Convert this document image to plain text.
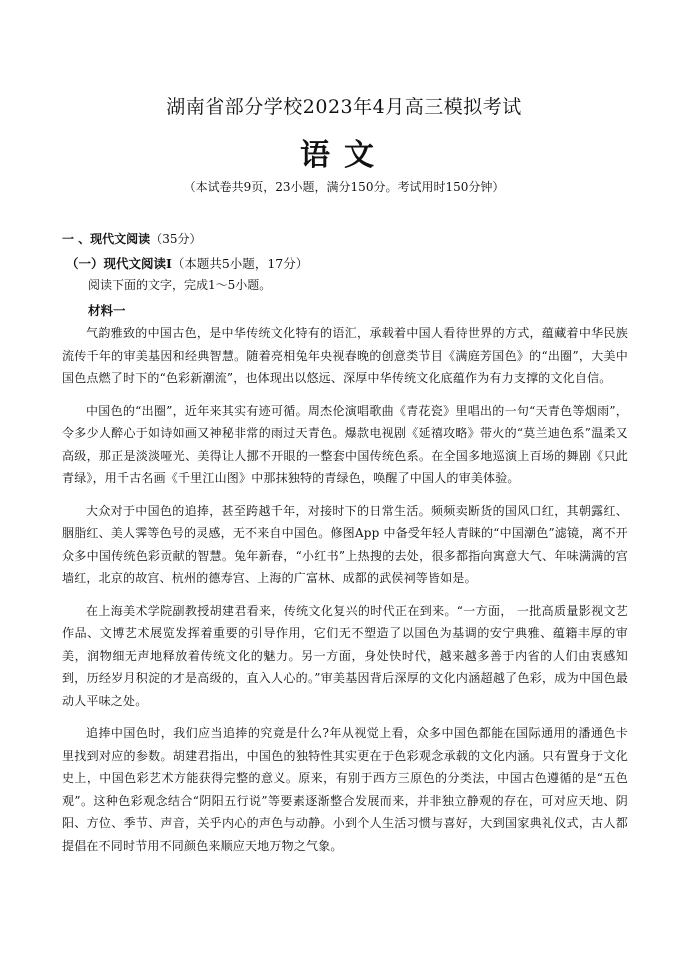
湖南省部分学校2023年4月高三模拟考试
语文
（本试卷共9页，23小题，满分150分。考试用时150分钟）
一 、现代文阅读（35分）
（一）现代文阅读Ⅰ（本题共5小题，17分）
阅读下面的文字，完成1～5小题。
材料一

气韵雅致的中国古色，是中华传统文化特有的语汇，承载着中国人看待世界的方式，蕴藏着中华民族流传千年的审美基因和经典智慧。随着亮相兔年央视春晚的创意类节目《满庭芳国色》的“出圈”，大美中国色点燃了时下的“色彩新潮流”，也体现出以悠远、深厚中华传统文化底蕴作为有力支撑的文化自信。

中国色的“出圈”，近年来其实有迹可循。周杰伦演唱歌曲《青花瓷》里唱出的一句“天青色等烟雨”，令多少人醉心于如诗如画又神秘非常的雨过天青色。爆款电视剧《延禧攻略》带火的“莫兰迪色系”温柔又高级，那正是淡淡哑光、美得让人挪不开眼的一整套中国传统色系。在全国多地巡演上百场的舞剧《只此青绿》，用千古名画《千里江山图》中那抹独特的青绿色，唤醒了中国人的审美体验。

大众对于中国色的追捧，甚至跨越千年，对接时下的日常生活。频频卖断货的国风口红，其朝露红、胭脂红、美人霁等色号的灵感，无不来自中国色。修图App 中备受年轻人青睐的“中国潮色”滤镜，离不开众多中国传统色彩贡献的智慧。兔年新春，“小红书”上热搜的去处，很多都指向寓意大气、年味满满的宫墙红，北京的故宫、杭州的德寿宫、上海的广富林、成都的武侯祠等皆如是。

在上海美术学院副教授胡建君看来，传统文化复兴的时代正在到来。“一方面， 一批高质量影视文艺作品、文博艺术展览发挥着重要的引导作用，它们无不塑造了以国色为基调的安宁典雅、蕴籍丰厚的审美，润物细无声地释放着传统文化的魅力。另一方面，身处快时代，越来越多善于内省的人们由衷感知到，历经岁月积淀的才是高级的，直入人心的。”审美基因背后深厚的文化内涵超越了色彩，成为中国色最动人平味之处。

追捧中国色时，我们应当追捧的究竟是什么?年从视觉上看，众多中国色都能在国际通用的潘通色卡里找到对应的参数。胡建君指出，中国色的独特性其实更在于色彩观念承载的文化内涵。只有置身于文化史上，中国色彩艺术方能获得完整的意义。原来，有别于西方三原色的分类法，中国古色遵循的是“五色观”。这种色彩观念结合“阴阳五行说”等要素逐渐整合发展而来，并非独立静观的存在，可对应天地、阴阳、方位、季节、声音，关乎内心的声色与动静。小到个人生活习惯与喜好，大到国家典礼仪式，古人都提倡在不同时节用不同颜色来顺应天地万物之气象。
